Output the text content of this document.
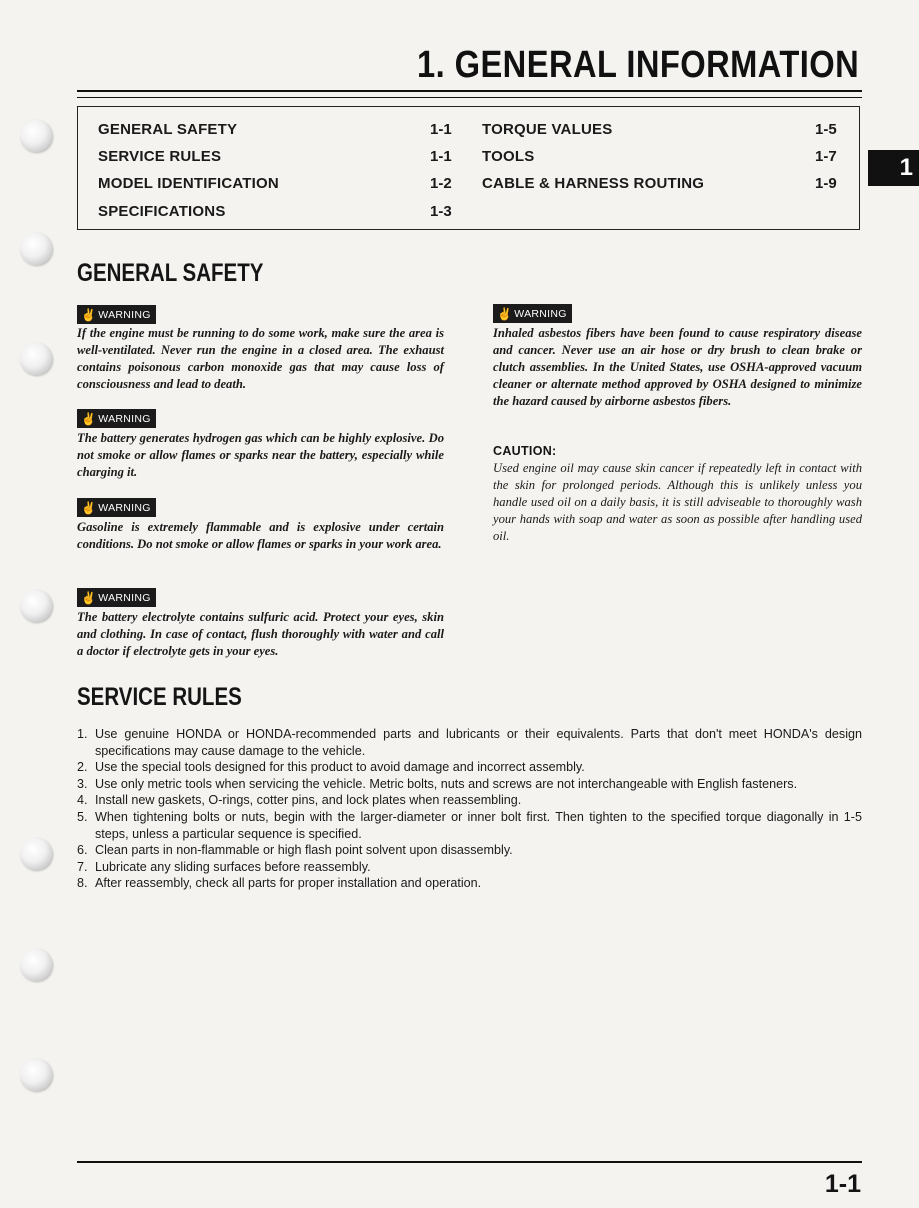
1. GENERAL INFORMATION
GENERAL SAFETY	1-1
SERVICE RULES	1-1
MODEL IDENTIFICATION	1-2
SPECIFICATIONS	1-3
TORQUE VALUES	1-5
TOOLS	1-7
CABLE & HARNESS ROUTING	1-9
1
GENERAL SAFETY
✌ WARNING

If the engine must be running to do some work, make sure the area is well-ventilated. Never run the engine in a closed area. The exhaust contains poisonous carbon monoxide gas that may cause loss of consciousness and lead to death.

✌ WARNING

The battery generates hydrogen gas which can be highly explosive. Do not smoke or allow flames or sparks near the battery, especially while charging it.

✌ WARNING

Gasoline is extremely flammable and is explosive under certain conditions. Do not smoke or allow flames or sparks in your work area.

✌ WARNING

The battery electrolyte contains sulfuric acid. Protect your eyes, skin and clothing. In case of contact, flush thoroughly with water and call a doctor if electrolyte gets in your eyes.

✌ WARNING

Inhaled asbestos fibers have been found to cause respiratory disease and cancer. Never use an air hose or dry brush to clean brake or clutch assemblies. In the United States, use OSHA-approved vacuum cleaner or alternate method approved by OSHA designed to minimize the hazard caused by airborne asbestos fibers.

CAUTION:

Used engine oil may cause skin cancer if repeatedly left in contact with the skin for prolonged periods. Although this is unlikely unless you handle used oil on a daily basis, it is still adviseable to thoroughly wash your hands with soap and water as soon as possible after handling used oil.

SERVICE RULES
1. Use genuine HONDA or HONDA-recommended parts and lubricants or their equivalents. Parts that don't meet HONDA's design specifications may cause damage to the vehicle.
2. Use the special tools designed for this product to avoid damage and incorrect assembly.
3. Use only metric tools when servicing the vehicle. Metric bolts, nuts and screws are not interchangeable with English fasteners.
4. Install new gaskets, O-rings, cotter pins, and lock plates when reassembling.
5. When tightening bolts or nuts, begin with the larger-diameter or inner bolt first. Then tighten to the specified torque diagonally in 1-5 steps, unless a particular sequence is specified.
6. Clean parts in non-flammable or high flash point solvent upon disassembly.
7. Lubricate any sliding surfaces before reassembly.
8. After reassembly, check all parts for proper installation and operation.
1-1
